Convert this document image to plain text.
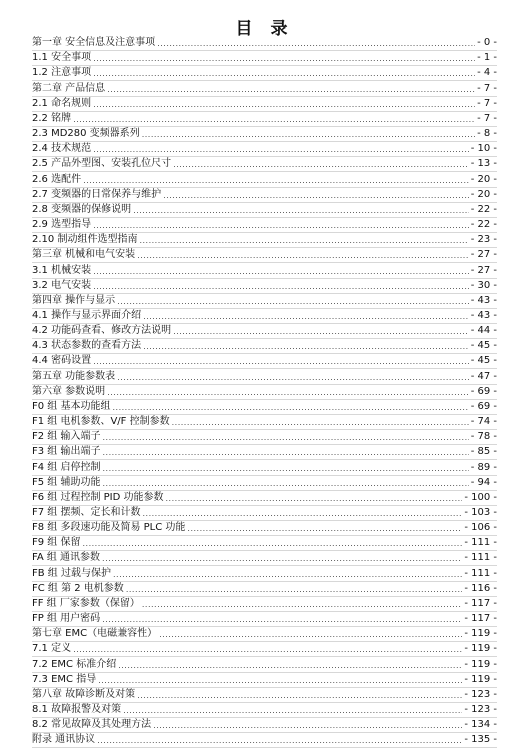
目 录
第一章 安全信息及注意事项 .....	- 0 -
1.1 安全事项 .....	- 1 -
1.2 注意事项 .....	- 4 -
第二章 产品信息 .....	- 7 -
2.1 命名规则 .....	- 7 -
2.2 铭牌 .....	- 7 -
2.3 MD280 变频器系列 .....	- 8 -
2.4 技术规范 .....	- 10 -
2.5 产品外型图、安装孔位尺寸 .....	- 13 -
2.6 选配件 .....	- 20 -
2.7 变频器的日常保养与维护 .....	- 20 -
2.8 变频器的保修说明 .....	- 22 -
2.9 选型指导 .....	- 22 -
2.10 制动组件选型指南 .....	- 23 -
第三章 机械和电气安装 .....	- 27 -
3.1 机械安装 .....	- 27 -
3.2 电气安装 .....	- 30 -
第四章 操作与显示 .....	- 43 -
4.1 操作与显示界面介绍 .....	- 43 -
4.2 功能码查看、修改方法说明 .....	- 44 -
4.3 状态参数的查看方法 .....	- 45 -
4.4 密码设置 .....	- 45 -
第五章 功能参数表 .....	- 47 -
第六章 参数说明 .....	- 69 -
F0 组 基本功能组 .....	- 69 -
F1 组 电机参数、V/F 控制参数 .....	- 74 -
F2 组 输入端子 .....	- 78 -
F3 组 输出端子 .....	- 85 -
F4 组 启停控制 .....	- 89 -
F5 组 辅助功能 .....	- 94 -
F6 组 过程控制 PID 功能参数 .....	- 100 -
F7 组 摆频、定长和计数 .....	- 103 -
F8 组 多段速功能及简易 PLC 功能 .....	- 106 -
F9 组 保留 .....	- 111 -
FA 组 通讯参数 .....	- 111 -
FB 组 过载与保护 .....	- 111 -
FC 组 第 2 电机参数 .....	- 116 -
FF 组 厂家参数（保留） .....	- 117 -
FP 组 用户密码 .....	- 117 -
第七章 EMC（电磁兼容性） .....	- 119 -
7.1 定义 .....	- 119 -
7.2 EMC 标准介绍 .....	- 119 -
7.3 EMC 指导 .....	- 119 -
第八章 故障诊断及对策 .....	- 123 -
8.1 故障报警及对策 .....	- 123 -
8.2 常见故障及其处理方法 .....	- 134 -
附录 通讯协议 .....	- 135 -
